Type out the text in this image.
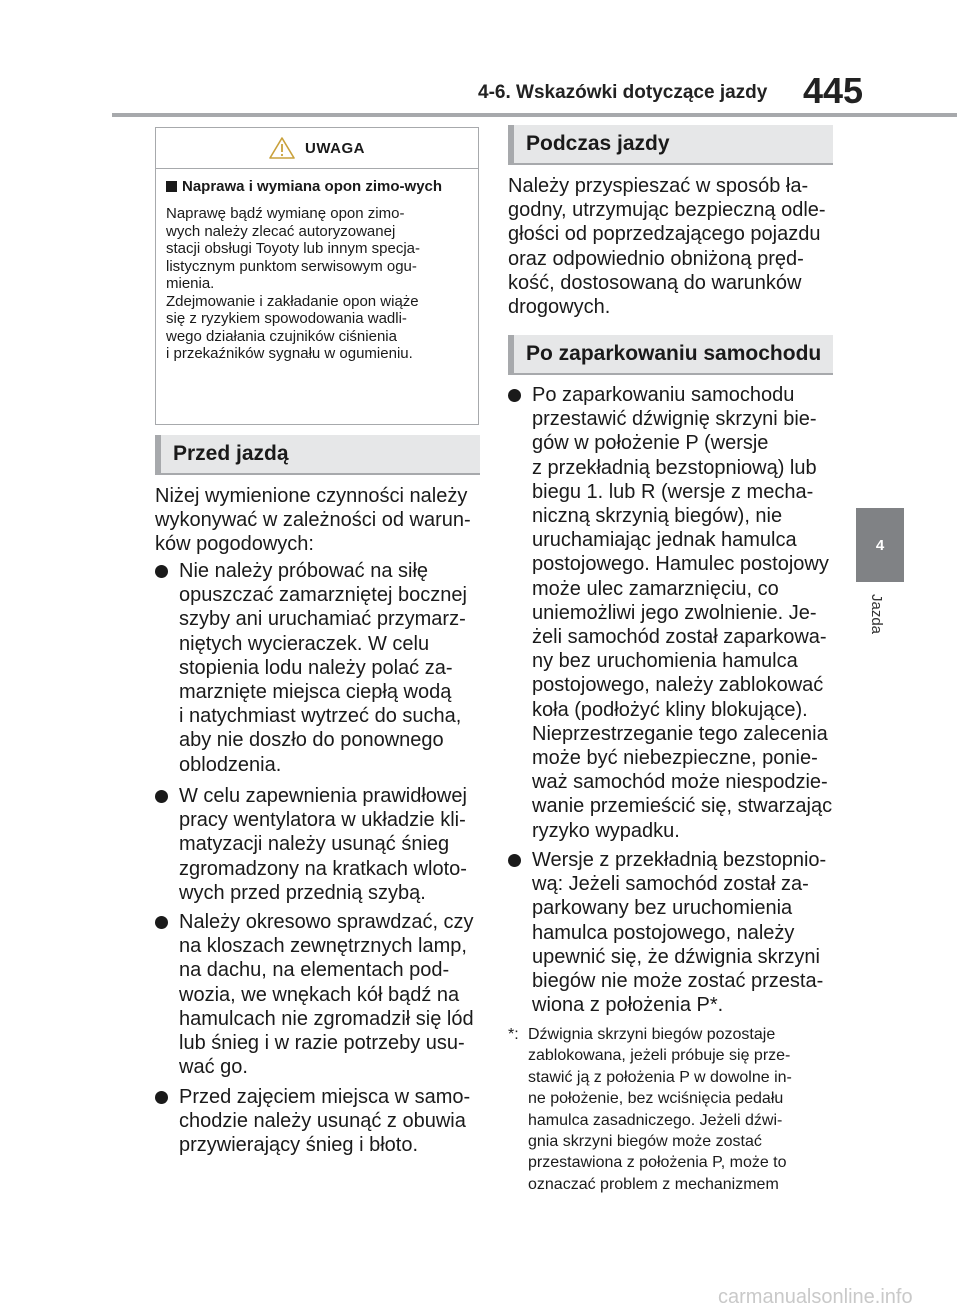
4-6. Wskazówki dotyczące jazdy 445
4
Jazda
UWAGA
Naprawa i wymiana opon zimo-wych
Naprawę bądź wymianę opon zimo-
wych należy zlecać autoryzowanej
stacji obsługi Toyoty lub innym specja-
listycznym punktom serwisowym ogu-
mienia.
Zdejmowanie i zakładanie opon wiąże
się z ryzykiem spowodowania wadli-
wego działania czujników ciśnienia
i przekaźników sygnału w ogumieniu.
Przed jazdą
Niżej wymienione czynności należy
wykonywać w zależności od warun-
ków pogodowych:
Nie należy próbować na siłę
opuszczać zamarzniętej bocznej
szyby ani uruchamiać przymarz-
niętych wycieraczek. W celu
stopienia lodu należy polać za-
marznięte miejsca ciepłą wodą
i natychmiast wytrzeć do sucha,
aby nie doszło do ponownego
oblodzenia.
W celu zapewnienia prawidłowej
pracy wentylatora w układzie kli-
matyzacji należy usunąć śnieg
zgromadzony na kratkach wloto-
wych przed przednią szybą.
Należy okresowo sprawdzać, czy
na kloszach zewnętrznych lamp,
na dachu, na elementach pod-
wozia, we wnękach kół bądź na
hamulcach nie zgromadził się lód
lub śnieg i w razie potrzeby usu-
wać go.
Przed zajęciem miejsca w samo-
chodzie należy usunąć z obuwia
przywierający śnieg i błoto.
Podczas jazdy
Należy przyspieszać w sposób ła-
godny, utrzymując bezpieczną odle-
głości od poprzedzającego pojazdu
oraz odpowiednio obniżoną pręd-
kość, dostosowaną do warunków
drogowych.
Po zaparkowaniu samochodu
Po zaparkowaniu samochodu
przestawić dźwignię skrzyni bie-
gów w położenie P (wersje
z przekładnią bezstopniową) lub
biegu 1. lub R (wersje z mecha-
niczną skrzynią biegów), nie
uruchamiając jednak hamulca
postojowego. Hamulec postojowy
może ulec zamarznięciu, co
uniemożliwi jego zwolnienie. Je-
żeli samochód został zaparkowa-
ny bez uruchomienia hamulca
postojowego, należy zablokować
koła (podłożyć kliny blokujące).
Nieprzestrzeganie tego zalecenia
może być niebezpieczne, ponie-
waż samochód może niespodzie-
wanie przemieścić się, stwarzając
ryzyko wypadku.
Wersje z przekładnią bezstopnio-
wą: Jeżeli samochód został za-
parkowany bez uruchomienia
hamulca postojowego, należy
upewnić się, że dźwignia skrzyni
biegów nie może zostać przesta-
wiona z położenia P*.
*: Dźwignia skrzyni biegów pozostaje
zablokowana, jeżeli próbuje się prze-
stawić ją z położenia P w dowolne in-
ne położenie, bez wciśnięcia pedału
hamulca zasadniczego. Jeżeli dźwi-
gnia skrzyni biegów może zostać
przestawiona z położenia P, może to
oznaczać problem z mechanizmem
carmanualsonline.info
